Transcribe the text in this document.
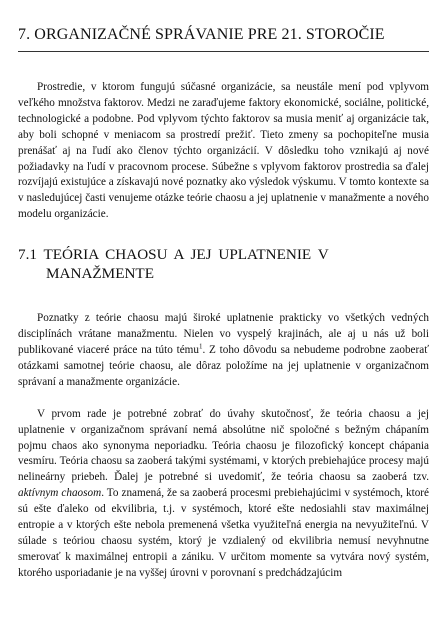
7. ORGANIZAČNÉ SPRÁVANIE PRE 21. STOROČIE

Prostredie, v ktorom fungujú súčasné organizácie, sa neustále mení pod vplyvom veľkého množstva faktorov. Medzi ne zaraďujeme faktory ekonomické, sociálne, politické, technologické a podobne. Pod vplyvom týchto faktorov sa musia meniť aj organizácie tak, aby boli schopné v meniacom sa prostredí prežiť. Tieto zmeny sa pochopiteľne musia prenášať aj na ľudí ako členov týchto organizácií. V dôsledku toho vznikajú aj nové požiadavky na ľudí v pracovnom procese. Súbežne s vplyvom faktorov prostredia sa ďalej rozvíjajú existujúce a získavajú nové poznatky ako výsledok výskumu. V tomto kontexte sa v nasledujúcej časti venujeme otázke teórie chaosu a jej uplatnenie v manažmente a nového modelu organizácie.

7.1 TEÓRIA CHAOSU A JEJ UPLATNENIE V
MANAŽMENTE

Poznatky z teórie chaosu majú široké uplatnenie prakticky vo všetkých vedných disciplínách vrátane manažmentu. Nielen vo vyspelý krajinách, ale aj u nás už boli publikované viaceré práce na túto tému$^1$. Z toho dôvodu sa nebudeme podrobne zaoberať otázkami samotnej teórie chaosu, ale dôraz položíme na jej uplatnenie v organizačnom správaní a manažmente organizácie.

V prvom rade je potrebné zobrať do úvahy skutočnosť, že teória chaosu a jej uplatnenie v organizačnom správaní nemá absolútne nič spoločné s bežným chápaním pojmu chaos ako synonyma neporiadku. Teória chaosu je filozofický koncept chápania vesmíru. Teória chaosu sa zaoberá takými systémami, v ktorých prebiehajúce procesy majú nelineárny priebeh. Ďalej je potrebné si uvedomiť, že teória chaosu sa zaoberá tzv. aktívnym chaosom. To znamená, že sa zaoberá procesmi prebiehajúcimi v systémoch, ktoré sú ešte ďaleko od ekvilibria, t.j. v systémoch, ktoré ešte nedosiahli stav maximálnej entropie a v ktorých ešte nebola premenená všetka využiteľná energia na nevyužiteľnú. V súlade s teóriou chaosu systém, ktorý je vzdialený od ekvilibria nemusí nevyhnutne smerovať k maximálnej entropii a zániku. V určitom momente sa vytvára nový systém, ktorého usporiadanie je na vyššej úrovni v porovnaní s predchádzajúcim
